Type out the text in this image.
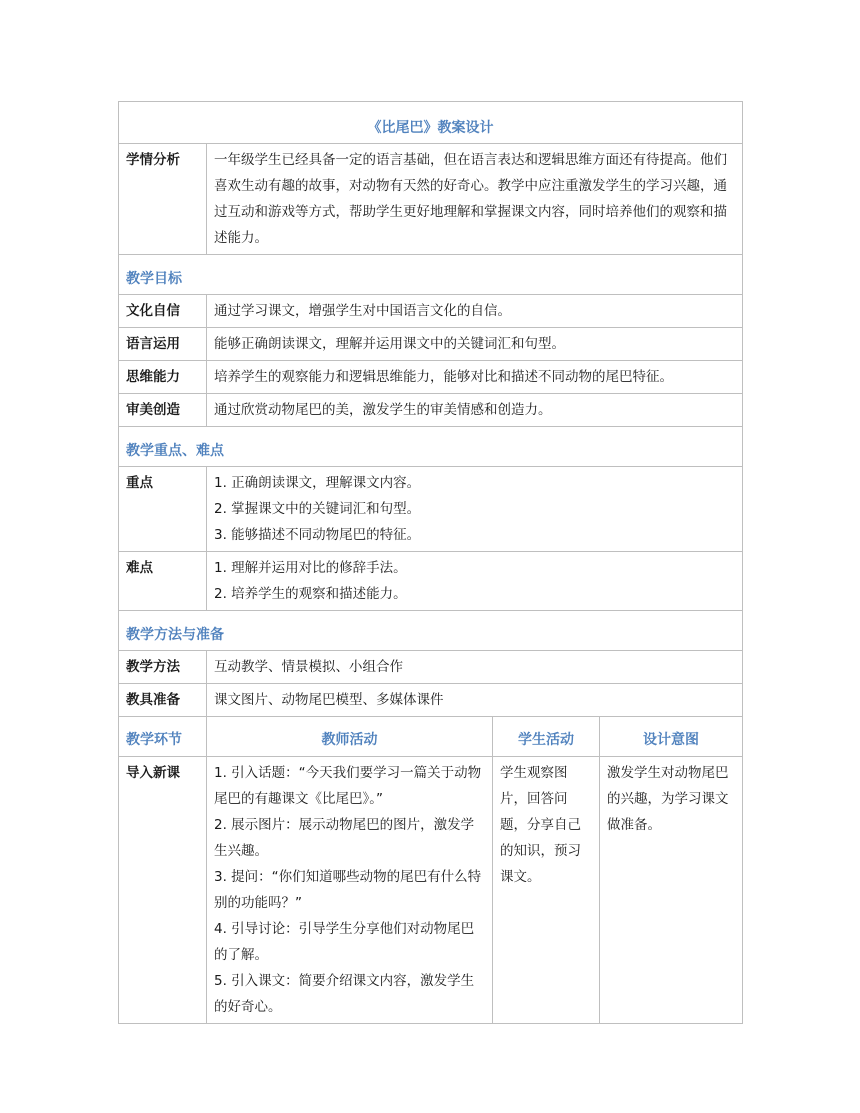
《比尾巴》教案设计			
学情分析	一年级学生已经具备一定的语言基础，但在语言表达和逻辑思维方面还有待提高。他们喜欢生动有趣的故事，对动物有天然的好奇心。教学中应注重激发学生的学习兴趣，通过互动和游戏等方式，帮助学生更好地理解和掌握课文内容，同时培养他们的观察和描述能力。		
教学目标			
文化自信	通过学习课文，增强学生对中国语言文化的自信。		
语言运用	能够正确朗读课文，理解并运用课文中的关键词汇和句型。		
思维能力	培养学生的观察能力和逻辑思维能力，能够对比和描述不同动物的尾巴特征。		
审美创造	通过欣赏动物尾巴的美，激发学生的审美情感和创造力。		
教学重点、难点			
重点	1. 正确朗读课文，理解课文内容。
2. 掌握课文中的关键词汇和句型。
3. 能够描述不同动物尾巴的特征。		

难点	1. 理解并运用对比的修辞手法。
2. 培养学生的观察和描述能力。		

教学方法与准备			
教学方法	互动教学、情景模拟、小组合作		
教具准备	课文图片、动物尾巴模型、多媒体课件		
教学环节	教师活动	学生活动	设计意图
导入新课	1. 引入话题：“今天我们要学习一篇关于动物尾巴的有趣课文《比尾巴》。”
2. 展示图片：展示动物尾巴的图片，激发学生兴趣。
3. 提问：“你们知道哪些动物的尾巴有什么特别的功能吗？”
4. 引导讨论：引导学生分享他们对动物尾巴的了解。
5. 引入课文：简要介绍课文内容，激发学生的好奇心。	学生观察图片，回答问题，分享自己的知识，预习课文。	激发学生对动物尾巴的兴趣，为学习课文做准备。
